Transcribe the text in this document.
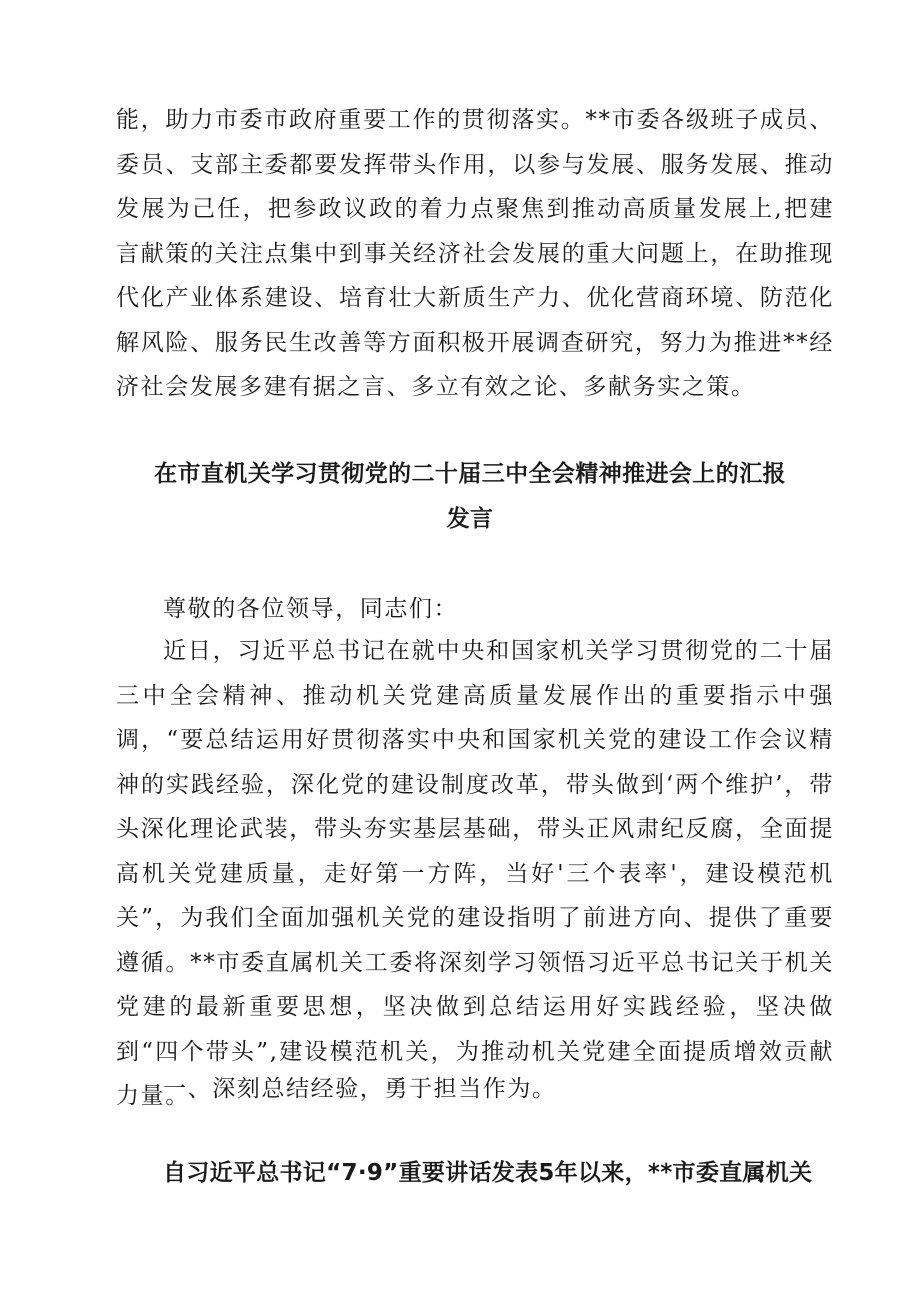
能，助力市委市政府重要工作的贯彻落实。**市委各级班子成员、委员、支部主委都要发挥带头作用，以参与发展、服务发展、推动发展为己任，把参政议政的着力点聚焦到推动高质量发展上,把建言献策的关注点集中到事关经济社会发展的重大问题上，在助推现代化产业体系建设、培育壮大新质生产力、优化营商环境、防范化解风险、服务民生改善等方面积极开展调查研究，努力为推进**经济社会发展多建有据之言、多立有效之论、多献务实之策。

在市直机关学习贯彻党的二十届三中全会精神推进会上的汇报发言

尊敬的各位领导，同志们：

近日，习近平总书记在就中央和国家机关学习贯彻党的二十届三中全会精神、推动机关党建高质量发展作出的重要指示中强调，“要总结运用好贯彻落实中央和国家机关党的建设工作会议精神的实践经验，深化党的建设制度改革，带头做到‘两个维护’，带头深化理论武装，带头夯实基层基础，带头正风肃纪反腐，全面提高机关党建质量，走好第一方阵，当好'三个表率'，建设模范机关”，为我们全面加强机关党的建设指明了前进方向、提供了重要遵循。**市委直属机关工委将深刻学习领悟习近平总书记关于机关党建的最新重要思想，坚决做到总结运用好实践经验，坚决做到“四个带头”,建设模范机关，为推动机关党建全面提质增效贡献力量。

一、深刻总结经验，勇于担当作为。

自习近平总书记“7·9”重要讲话发表5年以来，**市委直属机关
